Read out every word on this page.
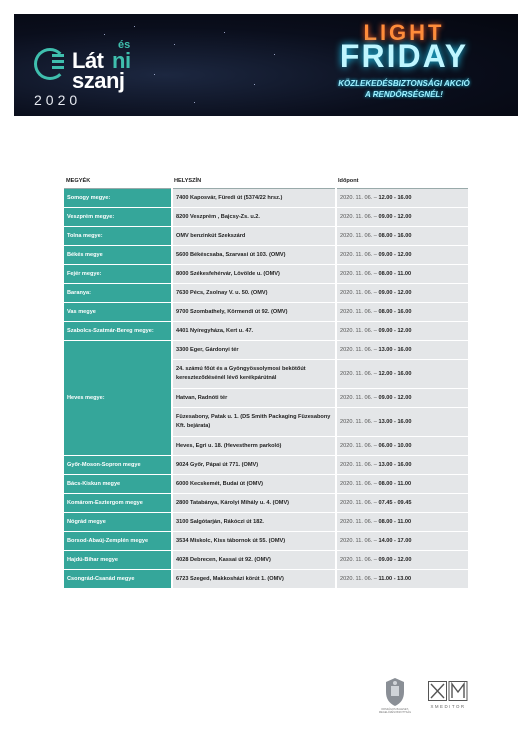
és
Lát ni
szanj
2020
LIGHT
FRIDAY
KÖZLEKEDÉSBIZTONSÁGI AKCIÓ
A RENDŐRSÉGNÉL!
MEGYÉK	HELYSZÍN	Időpont
Somogy megye:	7400 Kaposvár, Füredi út (5374/22 hrsz.)	2020. 11. 06. – 12.00 - 16.00
Veszprém megye:	8200 Veszprém , Bajcsy-Zs. u.2.	2020. 11. 06. – 09.00 - 12.00
Tolna megye:	OMV benzinkút Szekszárd	2020. 11. 06. – 08.00 - 16.00
Békés megye	5600 Békéscsaba, Szarvasi út 103. (OMV)	2020. 11. 06. – 09.00 - 12.00
Fejér megye:	8000 Székesfehérvár, Lövölde u. (OMV)	2020. 11. 06. – 08.00 - 11.00
Baranya:	7630 Pécs, Zsolnay V. u. 50. (OMV)	2020. 11. 06. – 09.00 - 12.00
Vas megye	9700 Szombathely, Körmendi út 92. (OMV)	2020. 11. 06. – 08.00 - 16.00
Szabolcs-Szatmár-Bereg megye:	4401 Nyíregyháza, Kert u. 47.	2020. 11. 06. – 09.00 - 12.00
Heves megye:	3300 Eger, Gárdonyi tér	2020. 11. 06. – 13.00 - 16.00
	24. számú főút és a Gyöngyössolymosi bekötőút kereszteződésénél lévő kerékpárútnál	2020. 11. 06. – 12.00 - 16.00
	Hatvan, Radnóti tér	2020. 11. 06. – 09.00 - 12.00
	Füzesabony, Patak u. 1. (DS Smith Packaging Füzesabony Kft. bejárata)	2020. 11. 06. – 13.00 - 16.00
	Heves, Egri u. 18. (Hevestherm parkoló)	2020. 11. 06. – 06.00 - 10.00
Győr-Moson-Sopron megye	9024 Győr, Pápai út 771. (OMV)	2020. 11. 06. – 13.00 - 16.00
Bács-Kiskun megye	6000 Kecskemét, Budai út (OMV)	2020. 11. 06. – 08.00 - 11.00
Komárom-Esztergom megye	2800 Tatabánya, Károlyi Mihály u. 4. (OMV)	2020. 11. 06. – 07.45 - 09.45
Nógrád megye	3100 Salgótarján, Rákóczi út 182.	2020. 11. 06. – 08.00 - 11.00
Borsod-Abaúj-Zemplén megye	3534 Miskolc, Kiss tábornok út 55. (OMV)	2020. 11. 06. – 14.00 - 17.00
Hajdú-Bihar megye	4028 Debrecen, Kassai út 92. (OMV)	2020. 11. 06. – 09.00 - 12.00
Csongrád-Csanád megye	6723 Szeged, Makkosházi körút 1. (OMV)	2020. 11. 06. – 11.00 - 13.00
ORSZÁGOS BALESET-MEGELŐZÉSI BIZOTTSÁG
XMEDITOR
